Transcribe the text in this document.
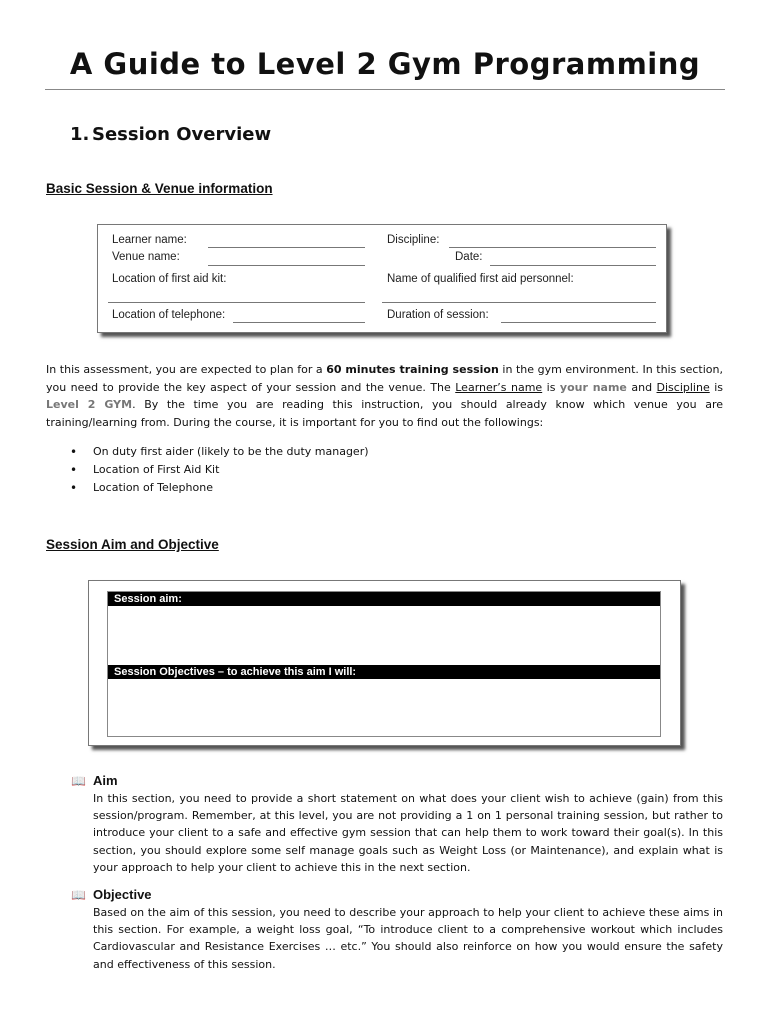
A Guide to Level 2 Gym Programming
1. Session Overview
Basic Session & Venue information
Learner name:	Discipline:
Venue name:	Date:
Location of first aid kit:	Name of qualified first aid personnel:
Location of telephone:	Duration of session:
In this assessment, you are expected to plan for a 60 minutes training session in the gym environment. In this section, you need to provide the key aspect of your session and the venue. The Learner’s name is your name and Discipline is Level 2 GYM. By the time you are reading this instruction, you should already know which venue you are training/learning from. During the course, it is important for you to find out the followings:
• On duty first aider (likely to be the duty manager)
• Location of First Aid Kit
• Location of Telephone
Session Aim and Objective
Session aim:
Session Objectives – to achieve this aim I will:
📖 Aim
In this section, you need to provide a short statement on what does your client wish to achieve (gain) from this session/program. Remember, at this level, you are not providing a 1 on 1 personal training session, but rather to introduce your client to a safe and effective gym session that can help them to work toward their goal(s). In this section, you should explore some self manage goals such as Weight Loss (or Maintenance), and explain what is your approach to help your client to achieve this in the next section.
📖 Objective
Based on the aim of this session, you need to describe your approach to help your client to achieve these aims in this section. For example, a weight loss goal, “To introduce client to a comprehensive workout which includes Cardiovascular and Resistance Exercises … etc.” You should also reinforce on how you would ensure the safety and effectiveness of this session.
